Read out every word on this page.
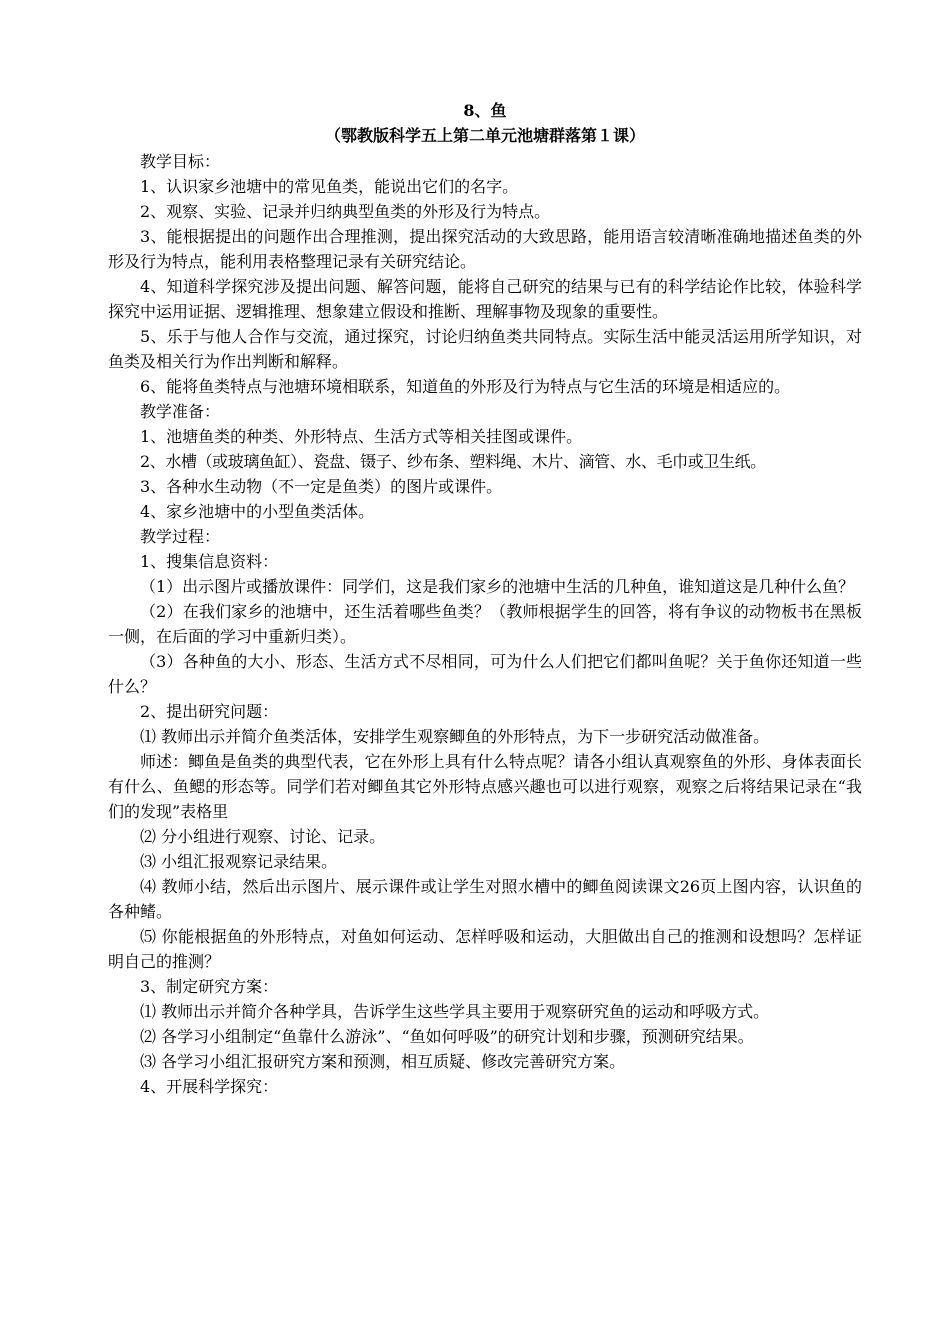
8、鱼
（鄂教版科学五上第二单元池塘群落第１课）

教学目标：

1、认识家乡池塘中的常见鱼类，能说出它们的名字。

2、观察、实验、记录并归纳典型鱼类的外形及行为特点。

3、能根据提出的问题作出合理推测，提出探究活动的大致思路，能用语言较清晰准确地描述鱼类的外形及行为特点，能利用表格整理记录有关研究结论。

4、知道科学探究涉及提出问题、解答问题，能将自己研究的结果与已有的科学结论作比较，体验科学探究中运用证据、逻辑推理、想象建立假设和推断、理解事物及现象的重要性。

5、乐于与他人合作与交流，通过探究，讨论归纳鱼类共同特点。实际生活中能灵活运用所学知识，对鱼类及相关行为作出判断和解释。

6、能将鱼类特点与池塘环境相联系，知道鱼的外形及行为特点与它生活的环境是相适应的。

教学准备：

1、池塘鱼类的种类、外形特点、生活方式等相关挂图或课件。

2、水槽（或玻璃鱼缸）、瓷盘、镊子、纱布条、塑料绳、木片、滴管、水、毛巾或卫生纸。

3、各种水生动物（不一定是鱼类）的图片或课件。

4、家乡池塘中的小型鱼类活体。

教学过程：

1、搜集信息资料：

（1）出示图片或播放课件：同学们，这是我们家乡的池塘中生活的几种鱼，谁知道这是几种什么鱼？

（2）在我们家乡的池塘中，还生活着哪些鱼类？（教师根据学生的回答，将有争议的动物板书在黑板一侧，在后面的学习中重新归类）。

（3）各种鱼的大小、形态、生活方式不尽相同，可为什么人们把它们都叫鱼呢？关于鱼你还知道一些什么？

2、提出研究问题：

⑴ 教师出示并简介鱼类活体，安排学生观察鲫鱼的外形特点，为下一步研究活动做准备。

师述：鲫鱼是鱼类的典型代表，它在外形上具有什么特点呢？请各小组认真观察鱼的外形、身体表面长有什么、鱼鳃的形态等。同学们若对鲫鱼其它外形特点感兴趣也可以进行观察，观察之后将结果记录在“我们的发现”表格里

⑵ 分小组进行观察、讨论、记录。

⑶ 小组汇报观察记录结果。

⑷ 教师小结，然后出示图片、展示课件或让学生对照水槽中的鲫鱼阅读课文26页上图内容，认识鱼的各种鳍。

⑸ 你能根据鱼的外形特点，对鱼如何运动、怎样呼吸和运动，大胆做出自己的推测和设想吗？怎样证明自己的推测？

3、制定研究方案：

⑴ 教师出示并简介各种学具，告诉学生这些学具主要用于观察研究鱼的运动和呼吸方式。

⑵ 各学习小组制定“鱼靠什么游泳”、“鱼如何呼吸”的研究计划和步骤，预测研究结果。

⑶ 各学习小组汇报研究方案和预测，相互质疑、修改完善研究方案。

4、开展科学探究：
